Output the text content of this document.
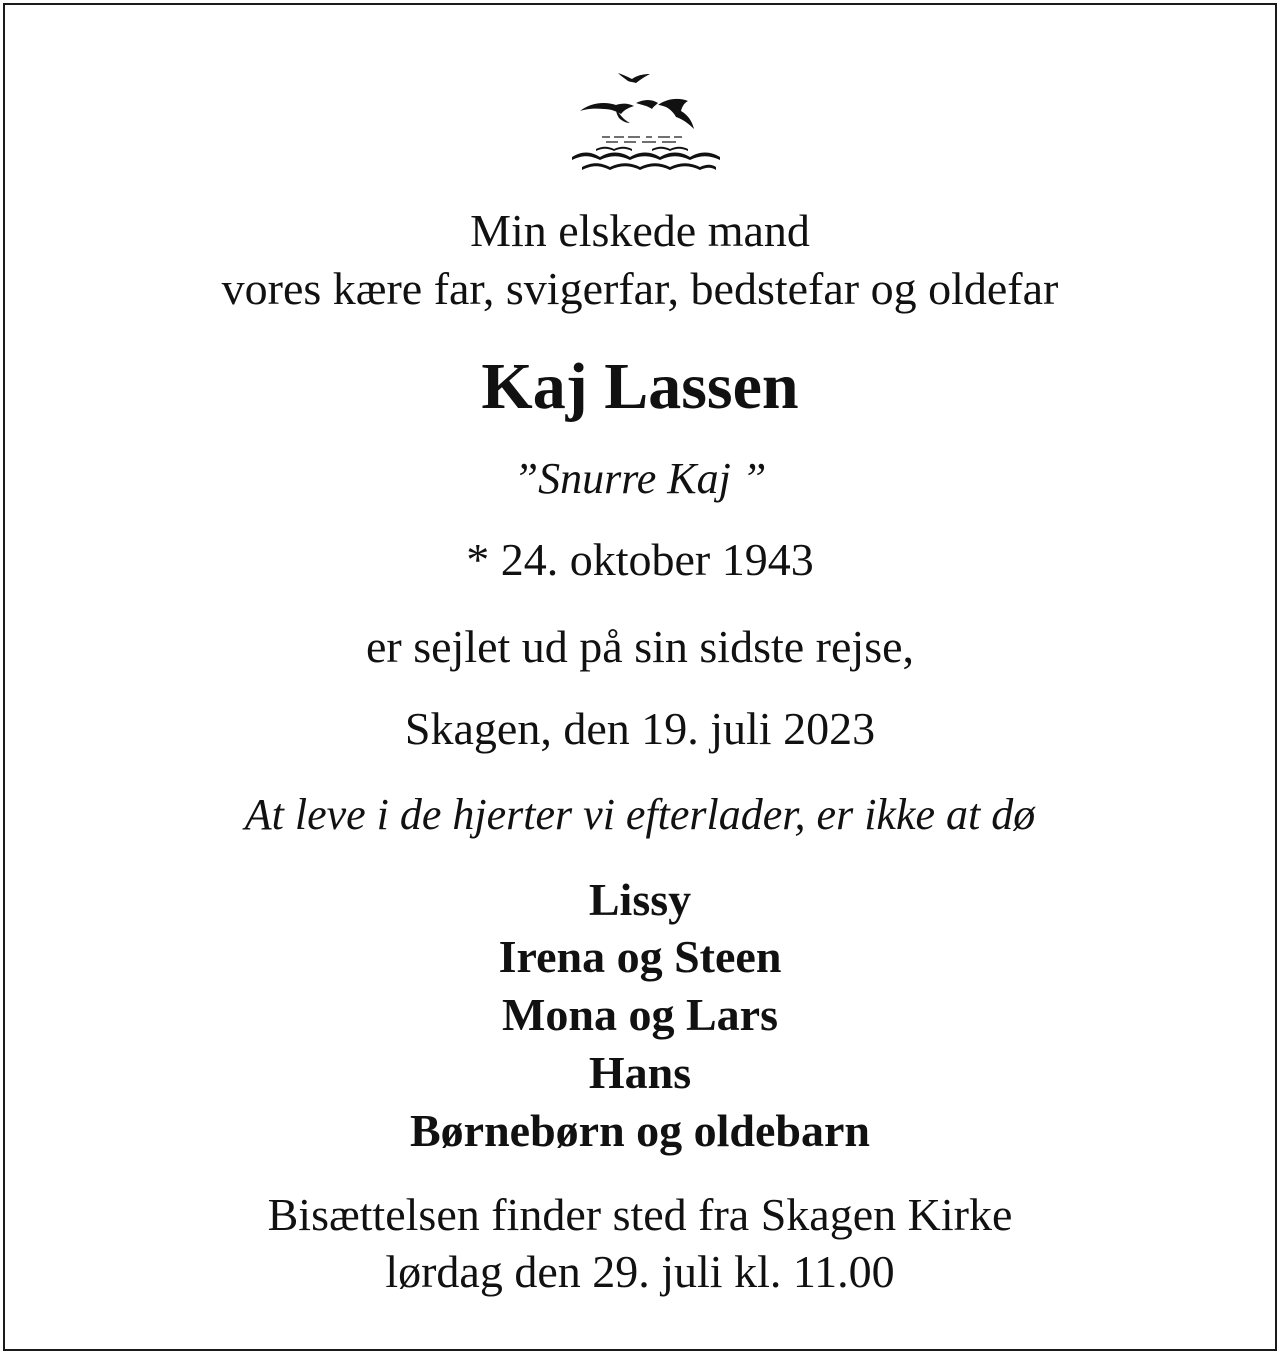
Min elskede mand
vores kære far, svigerfar, bedstefar og oldefar
Kaj Lassen
”Snurre Kaj ”
* 24. oktober 1943
er sejlet ud på sin sidste rejse,
Skagen, den 19. juli 2023
At leve i de hjerter vi efterlader, er ikke at dø
Lissy
Irena og Steen
Mona og Lars
Hans
Børnebørn og oldebarn
Bisættelsen finder sted fra Skagen Kirke
lørdag den 29. juli kl. 11.00
